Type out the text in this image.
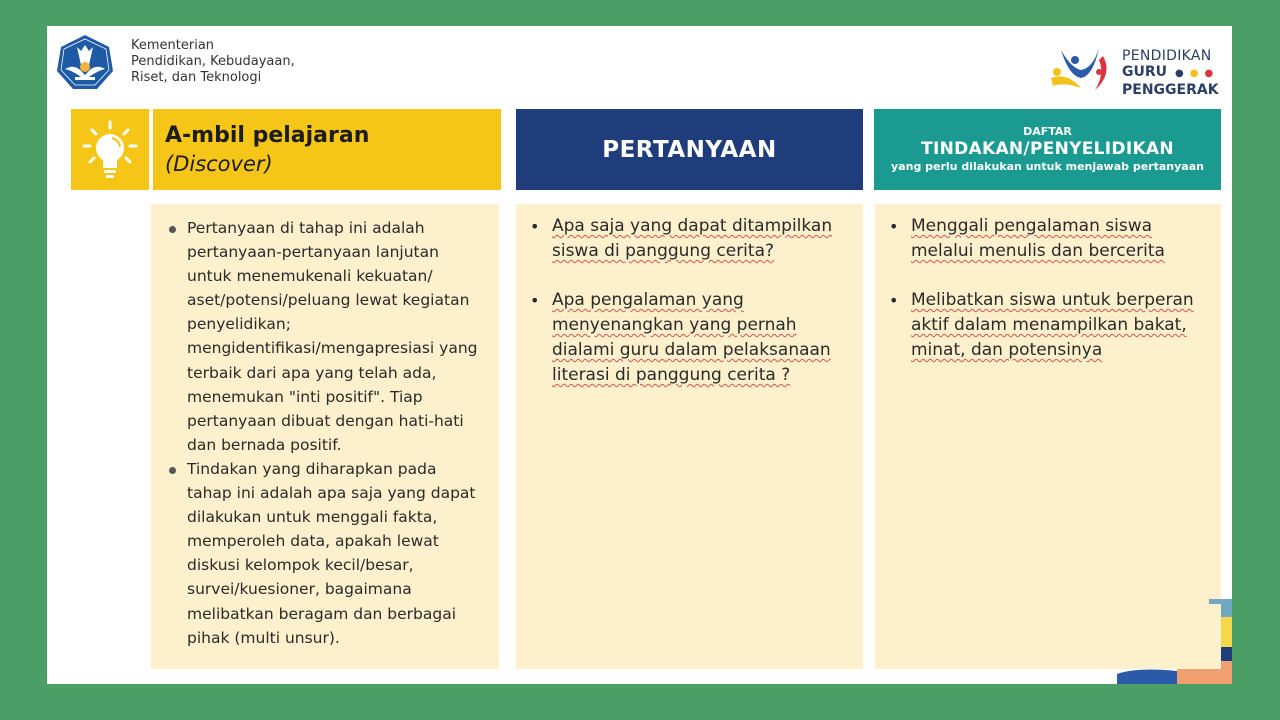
Kementerian
Pendidikan, Kebudayaan,
Riset, dan Teknologi
PENDIDIKAN
GURU ●●●
PENGGERAK
A-mbil pelajaran
(Discover)
PERTANYAAN
DAFTAR
TINDAKAN/PENYELIDIKAN
yang perlu dilakukan untuk menjawab pertanyaan
Pertanyaan di tahap ini adalah pertanyaan-pertanyaan lanjutan untuk menemukenali kekuatan/ aset/potensi/peluang lewat kegiatan penyelidikan; mengidentifikasi/mengapresiasi yang terbaik dari apa yang telah ada, menemukan "inti positif". Tiap pertanyaan dibuat dengan hati-hati dan bernada positif.
Tindakan yang diharapkan pada tahap ini adalah apa saja yang dapat dilakukan untuk menggali fakta, memperoleh data, apakah lewat diskusi kelompok kecil/besar, survei/kuesioner, bagaimana melibatkan beragam dan berbagai pihak (multi unsur).
• Apa saja yang dapat ditampilkan siswa di panggung cerita?
• Apa pengalaman yang menyenangkan yang pernah dialami guru dalam pelaksanaan literasi di panggung cerita ?
• Menggali pengalaman siswa melalui menulis dan bercerita
• Melibatkan siswa untuk berperan aktif dalam menampilkan bakat, minat, dan potensinya
